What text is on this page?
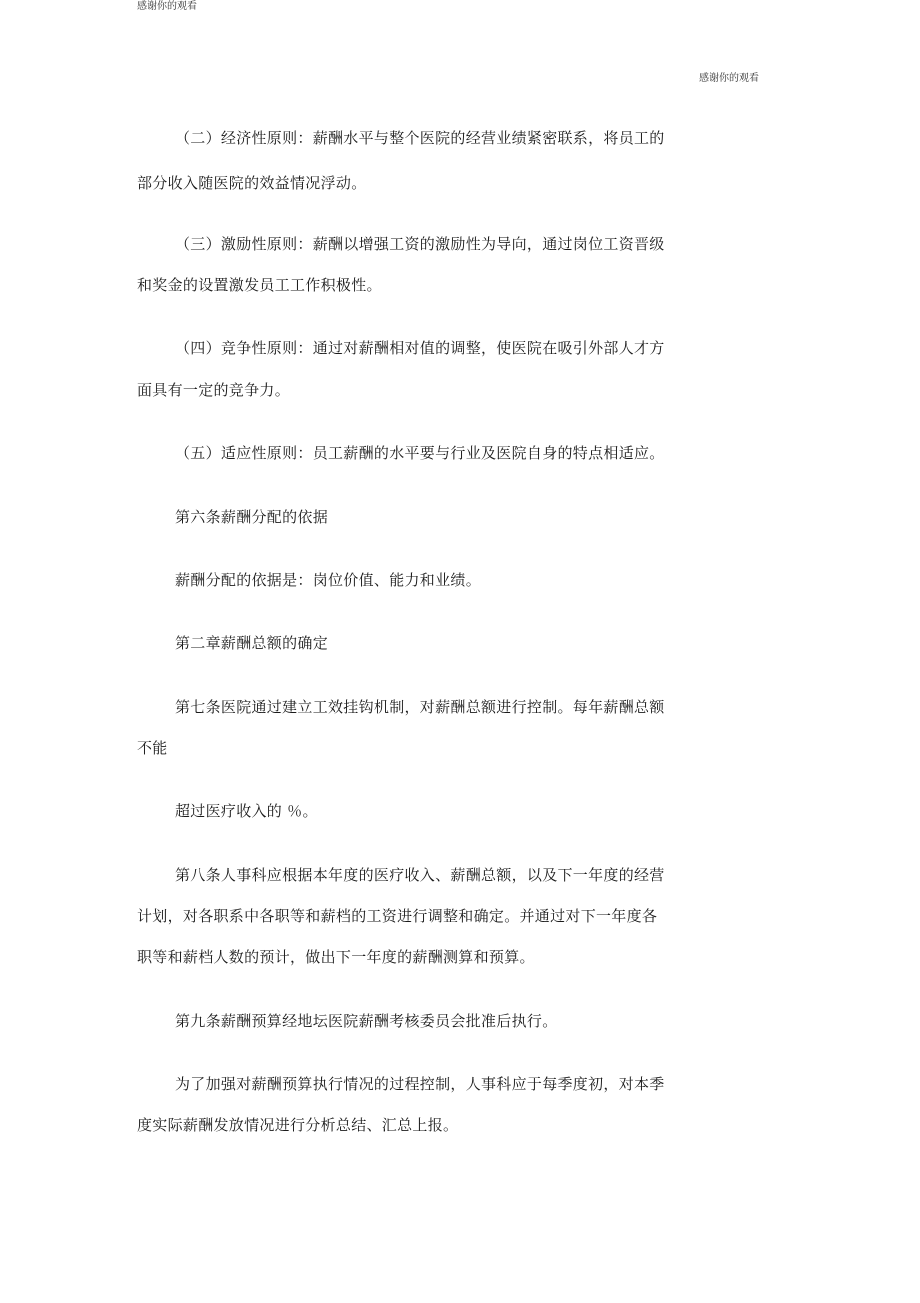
感谢你的观看
感谢你的观看
（二）经济性原则：薪酬水平与整个医院的经营业绩紧密联系，将员工的
部分收入随医院的效益情况浮动。
（三）激励性原则：薪酬以增强工资的激励性为导向，通过岗位工资晋级
和奖金的设置激发员工工作积极性。
（四）竞争性原则：通过对薪酬相对值的调整，使医院在吸引外部人才方
面具有一定的竞争力。
（五）适应性原则：员工薪酬的水平要与行业及医院自身的特点相适应。
第六条薪酬分配的依据
薪酬分配的依据是：岗位价值、能力和业绩。
第二章薪酬总额的确定
第七条医院通过建立工效挂钩机制，对薪酬总额进行控制。每年薪酬总额
不能
超过医疗收入的 ％。
第八条人事科应根据本年度的医疗收入、薪酬总额，以及下一年度的经营
计划，对各职系中各职等和薪档的工资进行调整和确定。并通过对下一年度各
职等和薪档人数的预计，做出下一年度的薪酬测算和预算。
第九条薪酬预算经地坛医院薪酬考核委员会批准后执行。
为了加强对薪酬预算执行情况的过程控制，人事科应于每季度初，对本季
度实际薪酬发放情况进行分析总结、汇总上报。
